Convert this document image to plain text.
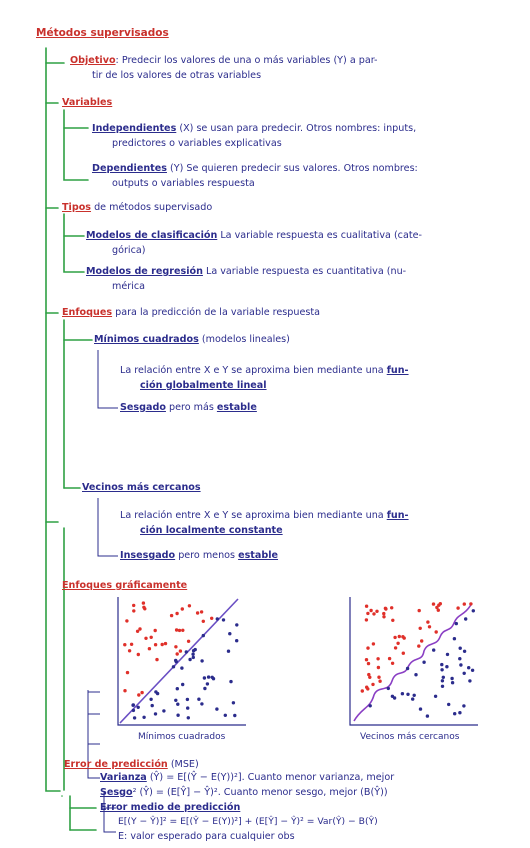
Métodos supervisados
Objetivo: Predecir los valores de una o más variables (Y) a par-
tir de los valores de otras variables
Variables
Independientes (X) se usan para predecir. Otros nombres: inputs,
predictores o variables explicativas
Dependientes (Y) Se quieren predecir sus valores. Otros nombres:
outputs o variables respuesta
Tipos de métodos supervisado
Modelos de clasificación La variable respuesta es cualitativa (cate-
górica)
Modelos de regresión La variable respuesta es cuantitativa (nu-
mérica
Enfoques para la predicción de la variable respuesta
Mínimos cuadrados (modelos lineales)
La relación entre X e Y se aproxima bien mediante una fun-
ción globalmente lineal
Sesgado pero más estable
Vecinos más cercanos
La relación entre X e Y se aproxima bien mediante una fun-
ción localmente constante
Insesgado pero menos estable
Enfoques gráficamente
Mínimos cuadrados	Vecinos más cercanos
Error de predicción (MSE)
Varianza (Ŷ) = E[(Ŷ − E(Y))²]. Cuanto menor varianza, mejor
Sesgo² (Ŷ) = (E[Ŷ] − Ŷ)². Cuanto menor sesgo, mejor (B(Ŷ))
Error medio de predicción
E[(Y − Ŷ)]² = E[(Ŷ − E(Y))²] + (E[Ŷ] − Ŷ)² = Var(Ŷ) − B(Ŷ)
E: valor esperado para cualquier obs
